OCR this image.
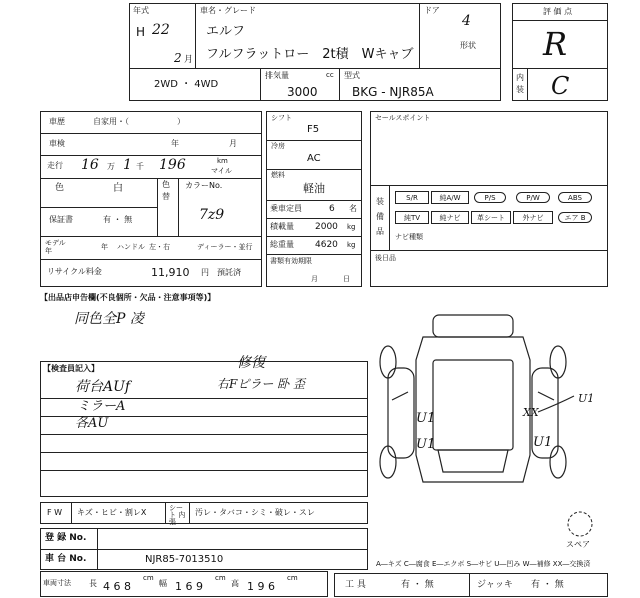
年式
H 22
2 月
車名・グレード
エルフ
フルフラットロー　2t積　Wキャブ
ドア
4
形状
評 価 点
R
内
装 C
2WD ・ 4WD
排気量	cc
3000
型式
BKG - NJR85A
車歴	自家用・（　　　　　　）
車検	年	月
走行 16 万 1 千 196	km
マイル
色	白	色
替
カラーNo.
7z9
保証書	有 ・ 無
モデル
年	年 ハンドル 左・右	ディーラー・並行
リサイクル料金	11,910 円 預託済
シフト
F5
冷房
AC
燃料
軽油
乗車定員	6 名
積載量 2000 kg
総重量 4620 kg
書類有効期限
月	日
セールスポイント
装
備
品
S/R	純A/W	P/S	P/W	ABS
純TV	純ナビ	革シート	外ナビ	エア B
ナビ種類
後日品
【出品店申告欄(不良個所・欠品・注意事項等)】
同色全P 凌
【検査員記入】
荷台AUf
ミラーA
各AU
修復
右Fピラー 卧 歪
U1
U1
XX
U1
U1
F W キズ・ヒビ・割レX	シート 内張
汚レ・タバコ・シミ・破レ・スレ
登 録 No.
車 台 No.	NJR85-7013510
車両寸法 長 4 6 8
cm
幅 1 6 9
cm
高 1 9 6
cm
工 具	有 ・ 無	ジャッキ 有 ・ 無
スペア
A―キズ C―腐食 E―エクボ S―サビ U―凹み W―補修 XX―交換済
